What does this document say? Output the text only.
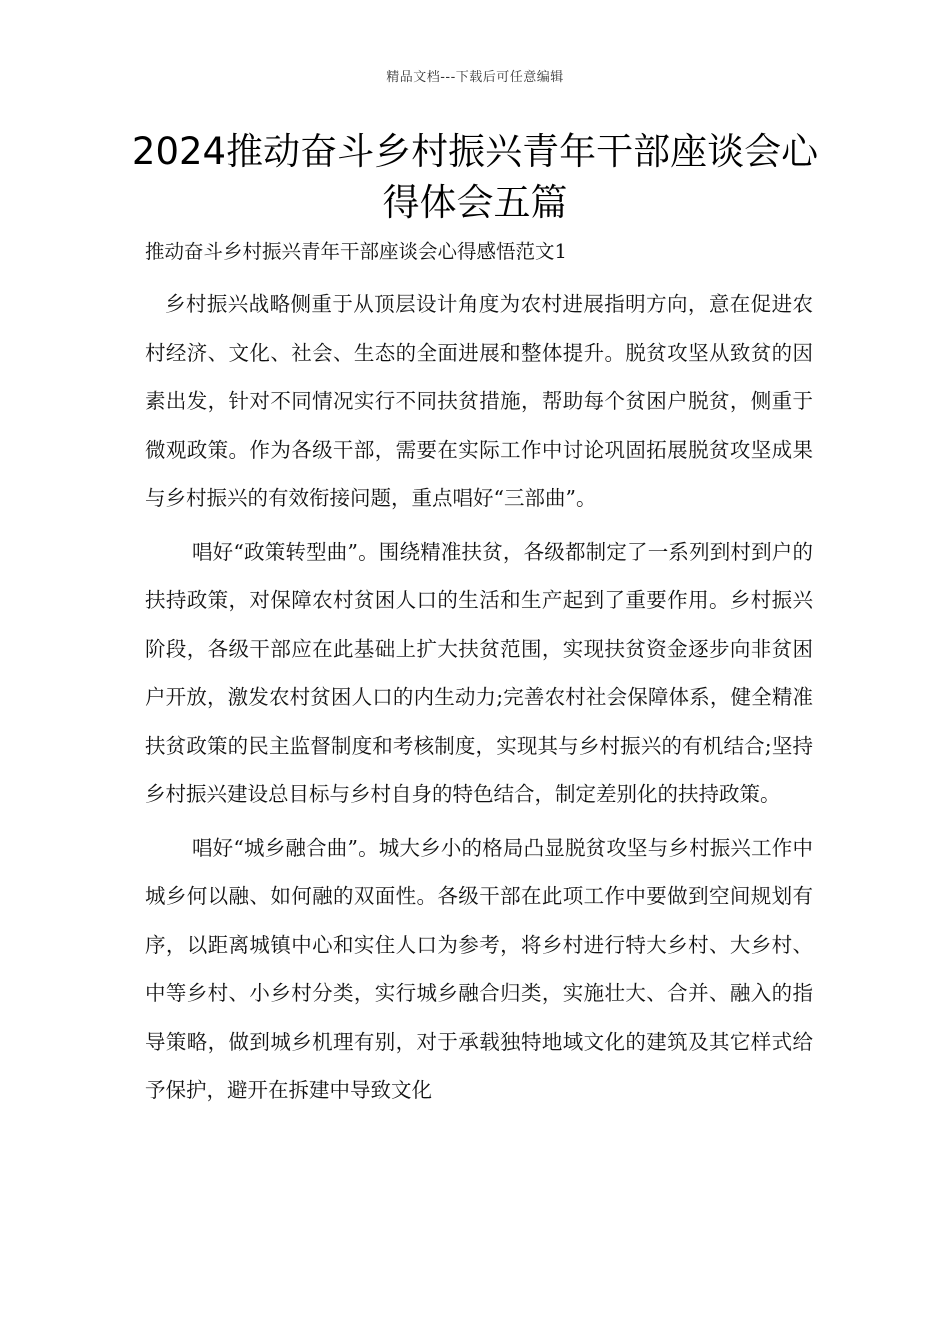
精品文档---下载后可任意编辑
2024推动奋斗乡村振兴青年干部座谈会心得体会五篇
推动奋斗乡村振兴青年干部座谈会心得感悟范文1

乡村振兴战略侧重于从顶层设计角度为农村进展指明方向，意在促进农村经济、文化、社会、生态的全面进展和整体提升。脱贫攻坚从致贫的因素出发，针对不同情况实行不同扶贫措施，帮助每个贫困户脱贫，侧重于微观政策。作为各级干部，需要在实际工作中讨论巩固拓展脱贫攻坚成果与乡村振兴的有效衔接问题，重点唱好“三部曲”。

唱好“政策转型曲”。围绕精准扶贫，各级都制定了一系列到村到户的扶持政策，对保障农村贫困人口的生活和生产起到了重要作用。乡村振兴阶段，各级干部应在此基础上扩大扶贫范围，实现扶贫资金逐步向非贫困户开放，激发农村贫困人口的内生动力;完善农村社会保障体系，健全精准扶贫政策的民主监督制度和考核制度，实现其与乡村振兴的有机结合;坚持乡村振兴建设总目标与乡村自身的特色结合，制定差别化的扶持政策。

唱好“城乡融合曲”。城大乡小的格局凸显脱贫攻坚与乡村振兴工作中城乡何以融、如何融的双面性。各级干部在此项工作中要做到空间规划有序，以距离城镇中心和实住人口为参考，将乡村进行特大乡村、大乡村、中等乡村、小乡村分类，实行城乡融合归类，实施壮大、合并、融入的指导策略，做到城乡机理有别，对于承载独特地域文化的建筑及其它样式给予保护，避开在拆建中导致文化
